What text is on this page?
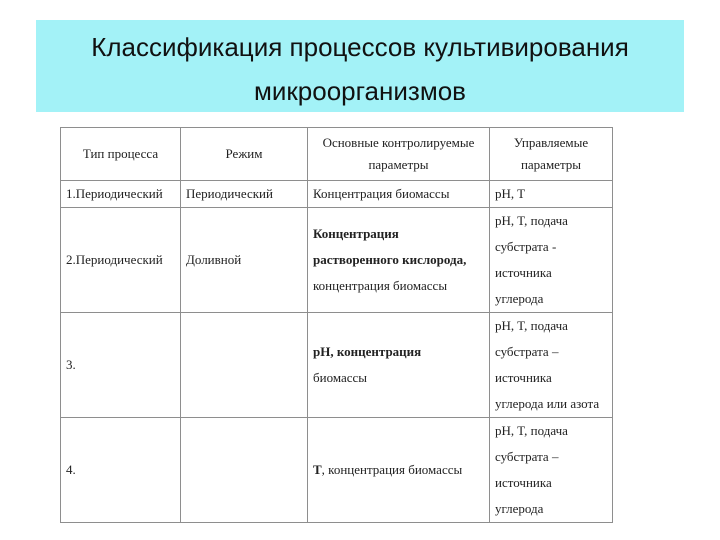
Классификация процессов культивирования
микроорганизмов
Тип процесса	Режим	Основные контролируемые
параметры	Управляемые
параметры

1.Периодический	Периодический	Концентрация биомассы	pH, T

2.Периодический	Доливной	Концентрация
растворенного кислорода,
концентрация биомассы	pH, T, подача
субстрата -
источника
углерода

3.		pH, концентрация
биомассы	pH, T, подача
субстрата –
источника
углерода или азота

4.		Т, концентрация биомассы	pH, T, подача
субстрата –
источника
углерода
